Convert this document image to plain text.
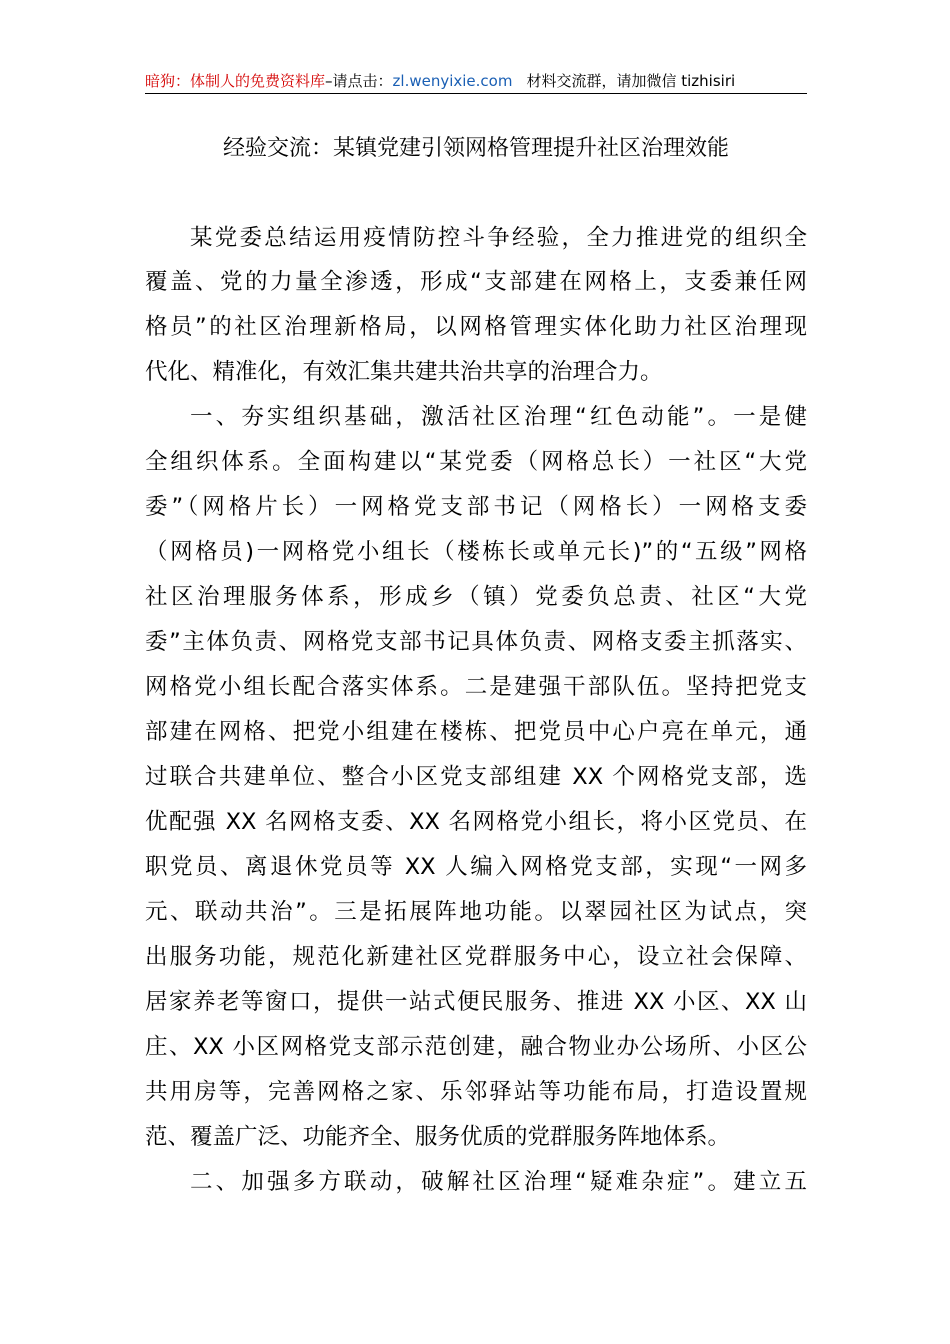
暗狗：体制人的免费资料库–请点击：zl.wenyixie.com 材料交流群，请加微信 tizhisiri
经验交流：某镇党建引领网格管理提升社区治理效能
某党委总结运用疫情防控斗争经验，全力推进党的组织全
覆盖、党的力量全渗透，形成“支部建在网格上，支委兼任网
格员”的社区治理新格局，以网格管理实体化助力社区治理现
代化、精准化，有效汇集共建共治共享的治理合力。
一、夯实组织基础，激活社区治理“红色动能”。一是健
全组织体系。全面构建以“某党委（网格总长）一社区“大党
委”（网格片长）一网格党支部书记（网格长）一网格支委
（网格员)一网格党小组长（楼栋长或单元长)”的“五级”网格
社区治理服务体系，形成乡（镇）党委负总责、社区“大党
委”主体负责、网格党支部书记具体负责、网格支委主抓落实、
网格党小组长配合落实体系。二是建强干部队伍。坚持把党支
部建在网格、把党小组建在楼栋、把党员中心户亮在单元，通
过联合共建单位、整合小区党支部组建 XX 个网格党支部，选
优配强 XX 名网格支委、XX 名网格党小组长，将小区党员、在
职党员、离退休党员等 XX 人编入网格党支部，实现“一网多
元、联动共治”。三是拓展阵地功能。以翠园社区为试点，突
出服务功能，规范化新建社区党群服务中心，设立社会保障、
居家养老等窗口，提供一站式便民服务、推进 XX 小区、XX 山
庄、XX 小区网格党支部示范创建，融合物业办公场所、小区公
共用房等，完善网格之家、乐邻驿站等功能布局，打造设置规
范、覆盖广泛、功能齐全、服务优质的党群服务阵地体系。
二、加强多方联动，破解社区治理“疑难杂症”。建立五
